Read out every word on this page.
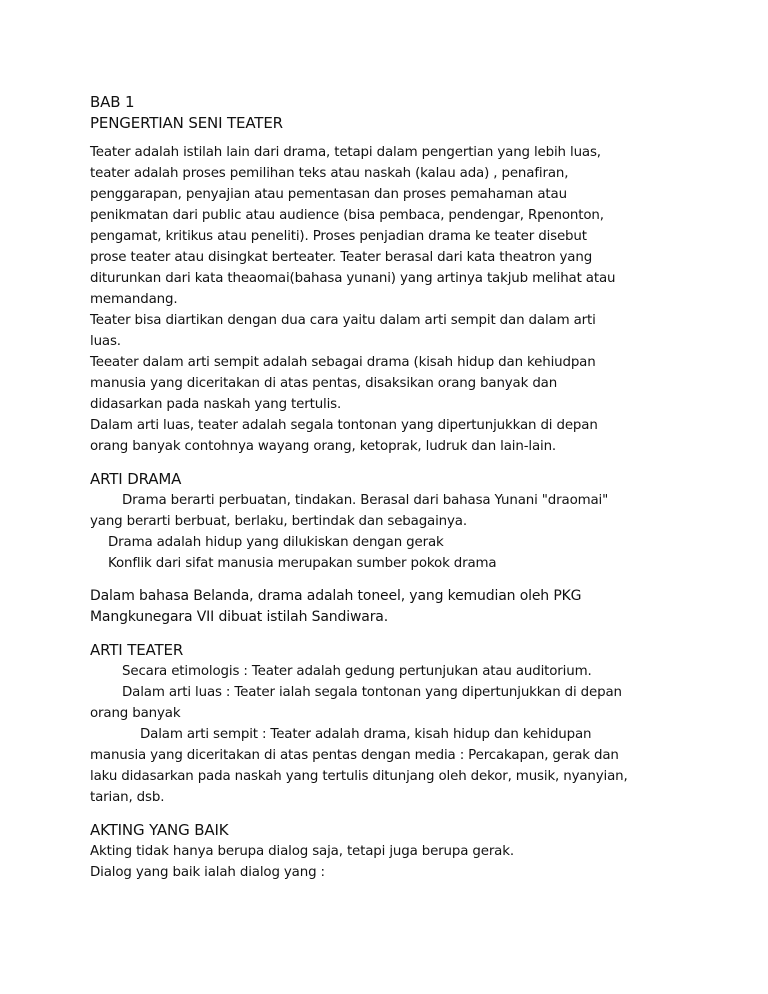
BAB 1
PENGERTIAN SENI TEATER
Teater adalah istilah lain dari drama, tetapi dalam pengertian yang lebih luas,
teater adalah proses pemilihan teks atau naskah (kalau ada) , penafiran,
penggarapan, penyajian atau pementasan dan proses pemahaman atau
penikmatan dari public atau audience (bisa pembaca, pendengar, Rpenonton,
pengamat, kritikus atau peneliti). Proses penjadian drama ke teater disebut
prose teater atau disingkat berteater. Teater berasal dari kata theatron yang
diturunkan dari kata theaomai(bahasa yunani) yang artinya takjub melihat atau
memandang.
Teater bisa diartikan dengan dua cara yaitu dalam arti sempit dan dalam arti
luas.
Teeater dalam arti sempit adalah sebagai drama (kisah hidup dan kehiudpan
manusia yang diceritakan di atas pentas, disaksikan orang banyak dan
didasarkan pada naskah yang tertulis.
Dalam arti luas, teater adalah segala tontonan yang dipertunjukkan di depan
orang banyak contohnya wayang orang, ketoprak, ludruk dan lain-lain.
ARTI DRAMA
Drama berarti perbuatan, tindakan. Berasal dari bahasa Yunani "draomai"
yang berarti berbuat, berlaku, bertindak dan sebagainya.
Drama adalah hidup yang dilukiskan dengan gerak
Konflik dari sifat manusia merupakan sumber pokok drama
Dalam bahasa Belanda, drama adalah toneel, yang kemudian oleh PKG
Mangkunegara VII dibuat istilah Sandiwara.
ARTI TEATER
Secara etimologis : Teater adalah gedung pertunjukan atau auditorium.
Dalam arti luas : Teater ialah segala tontonan yang dipertunjukkan di depan
orang banyak
Dalam arti sempit : Teater adalah drama, kisah hidup dan kehidupan
manusia yang diceritakan di atas pentas dengan media : Percakapan, gerak dan
laku didasarkan pada naskah yang tertulis ditunjang oleh dekor, musik, nyanyian,
tarian, dsb.
AKTING YANG BAIK
Akting tidak hanya berupa dialog saja, tetapi juga berupa gerak.
Dialog yang baik ialah dialog yang :
